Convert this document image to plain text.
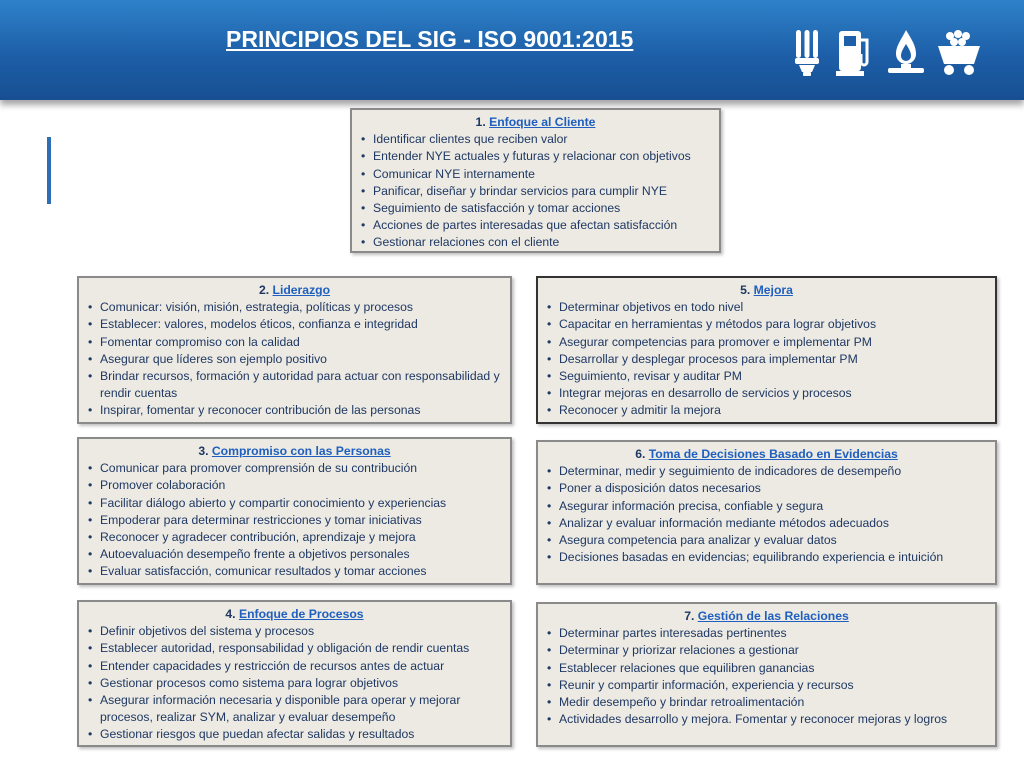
PRINCIPIOS DEL SIG - ISO 9001:2015
1. Enfoque al Cliente
• Identificar clientes que reciben valor
• Entender NYE actuales y futuras y relacionar con objetivos
• Comunicar NYE internamente
• Panificar, diseñar y brindar servicios para cumplir NYE
• Seguimiento de satisfacción y tomar acciones
• Acciones de partes interesadas que afectan satisfacción
• Gestionar relaciones con el cliente
2. Liderazgo
• Comunicar: visión, misión, estrategia, políticas y procesos
• Establecer: valores, modelos éticos, confianza e integridad
• Fomentar compromiso con la calidad
• Asegurar que líderes son ejemplo positivo
• Brindar recursos, formación y autoridad para actuar con responsabilidad y rendir cuentas
• Inspirar, fomentar y reconocer contribución de las personas
5. Mejora
• Determinar objetivos en todo nivel
• Capacitar en herramientas y métodos para lograr objetivos
• Asegurar competencias para promover e implementar PM
• Desarrollar y desplegar procesos para implementar PM
• Seguimiento, revisar y auditar PM
• Integrar mejoras en desarrollo de servicios y procesos
• Reconocer y admitir la mejora
3. Compromiso con las Personas
• Comunicar para promover comprensión de su contribución
• Promover colaboración
• Facilitar diálogo abierto y compartir conocimiento y experiencias
• Empoderar para determinar restricciones y tomar iniciativas
• Reconocer y agradecer contribución, aprendizaje y mejora
• Autoevaluación desempeño frente a objetivos personales
• Evaluar satisfacción, comunicar resultados y tomar acciones
6. Toma de Decisiones Basado en Evidencias
• Determinar, medir y seguimiento de indicadores de desempeño
• Poner a disposición datos necesarios
• Asegurar información precisa, confiable y segura
• Analizar y evaluar información mediante métodos adecuados
• Asegura competencia para analizar y evaluar datos
• Decisiones basadas en evidencias; equilibrando experiencia e intuición
4. Enfoque de Procesos
• Definir objetivos del sistema y procesos
• Establecer autoridad, responsabilidad y obligación de rendir cuentas
• Entender capacidades y restricción de recursos antes de actuar
• Gestionar procesos como sistema para lograr objetivos
• Asegurar información necesaria y disponible para operar y mejorar procesos, realizar SYM, analizar y evaluar desempeño
• Gestionar riesgos que puedan afectar salidas y resultados
7. Gestión de las Relaciones
• Determinar partes interesadas pertinentes
• Determinar y priorizar relaciones a gestionar
• Establecer relaciones que equilibren ganancias
• Reunir y compartir información, experiencia y recursos
• Medir desempeño y brindar retroalimentación
• Actividades desarrollo y mejora. Fomentar y reconocer mejoras y logros
